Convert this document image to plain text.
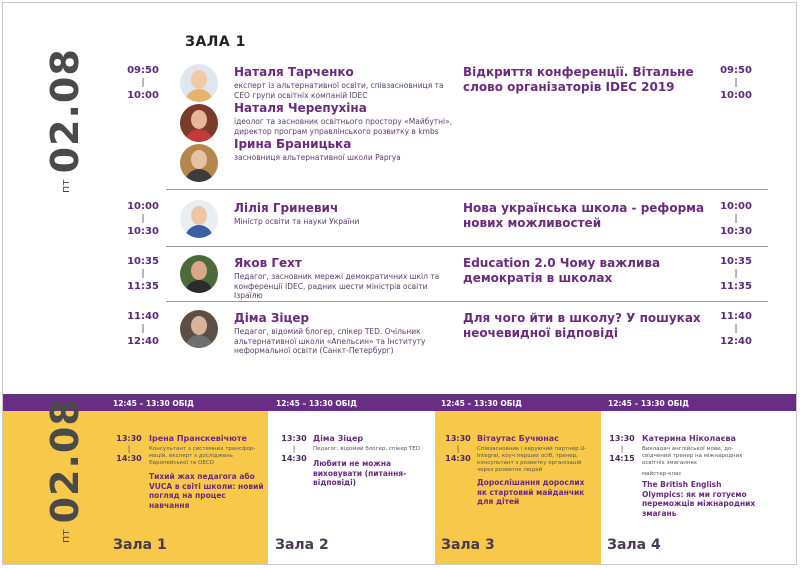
ЗАЛА 1
пт02.08	09:50
|
10:00
Наталя Тарченко
експерт із альтернативної освіти, співзасновниця та СЕО групи освітніх компаній IDEC
Наталя Черепухіна
ідеолог та засновник освітнього простору «Майбутні», директор програм управлінського розвитку в kmbs
Ірина Браницька
засновниця альтернативної школи Paprya
Відкриття конференції. Вітальне слово організаторів IDEC 2019
09:50
|
10:00
10:00
|
10:30
Лілія Гриневич
Міністр освіти та науки України
Нова українська школа - реформа нових можливостей
10:00
|
10:30
10:35
|
11:35
Яков Гехт
Педагог, засновник мережі демократичних шкіл та конференції IDEC, радник шести міністрів освіти Ізраїлю
Education 2.0 Чому важлива демократія в школах
10:35
|
11:35
11:40
|
12:40
Діма Зіцер
Педагог, відомий блогер, спікер TED. Очільник альтернативної школи «Апельсин» та Інституту неформальної освіти (Санкт-Петербург)
Для чого йти в школу? У пошуках неочевидної відповіді
11:40
|
12:40
12:45 – 13:30 ОБІД	12:45 – 13:30 ОБІД	12:45 – 13:30 ОБІД	12:45 – 13:30 ОБІД
пт02.08	13:30
|
14:30
Ірена Пранскевічюте
Консультант з системних трансфор-мацій, експерт з досліджень Європейської та OECD
Тихий жах педагога або VUCA в світі школи: новий погляд на процес навчання
Зала 1
13:30
|
14:30
Діма Зіцер
Педагог, відомий блогер, спікер TED
Любити не можна виховувати (питання-відповіді)
Зала 2
13:30
|
14:30
Вітаутас Бучюнас
Співзасновник і керуючий партнер U-Integral, коуч перших осіб, тренер, консультант з розвитку організацій через розвиток людей
Дорослішання дорослих як стартовий майданчик для дітей
Зала 3
13:30
|
14:15
Катерина Ніколаєва
Викладач англійської мови, до-свідчений тренер на міжнародних освітніх змаганнях
майстер-клас
The British English Olympics: як ми готуємо переможців міжнародних змагань
Зала 4
